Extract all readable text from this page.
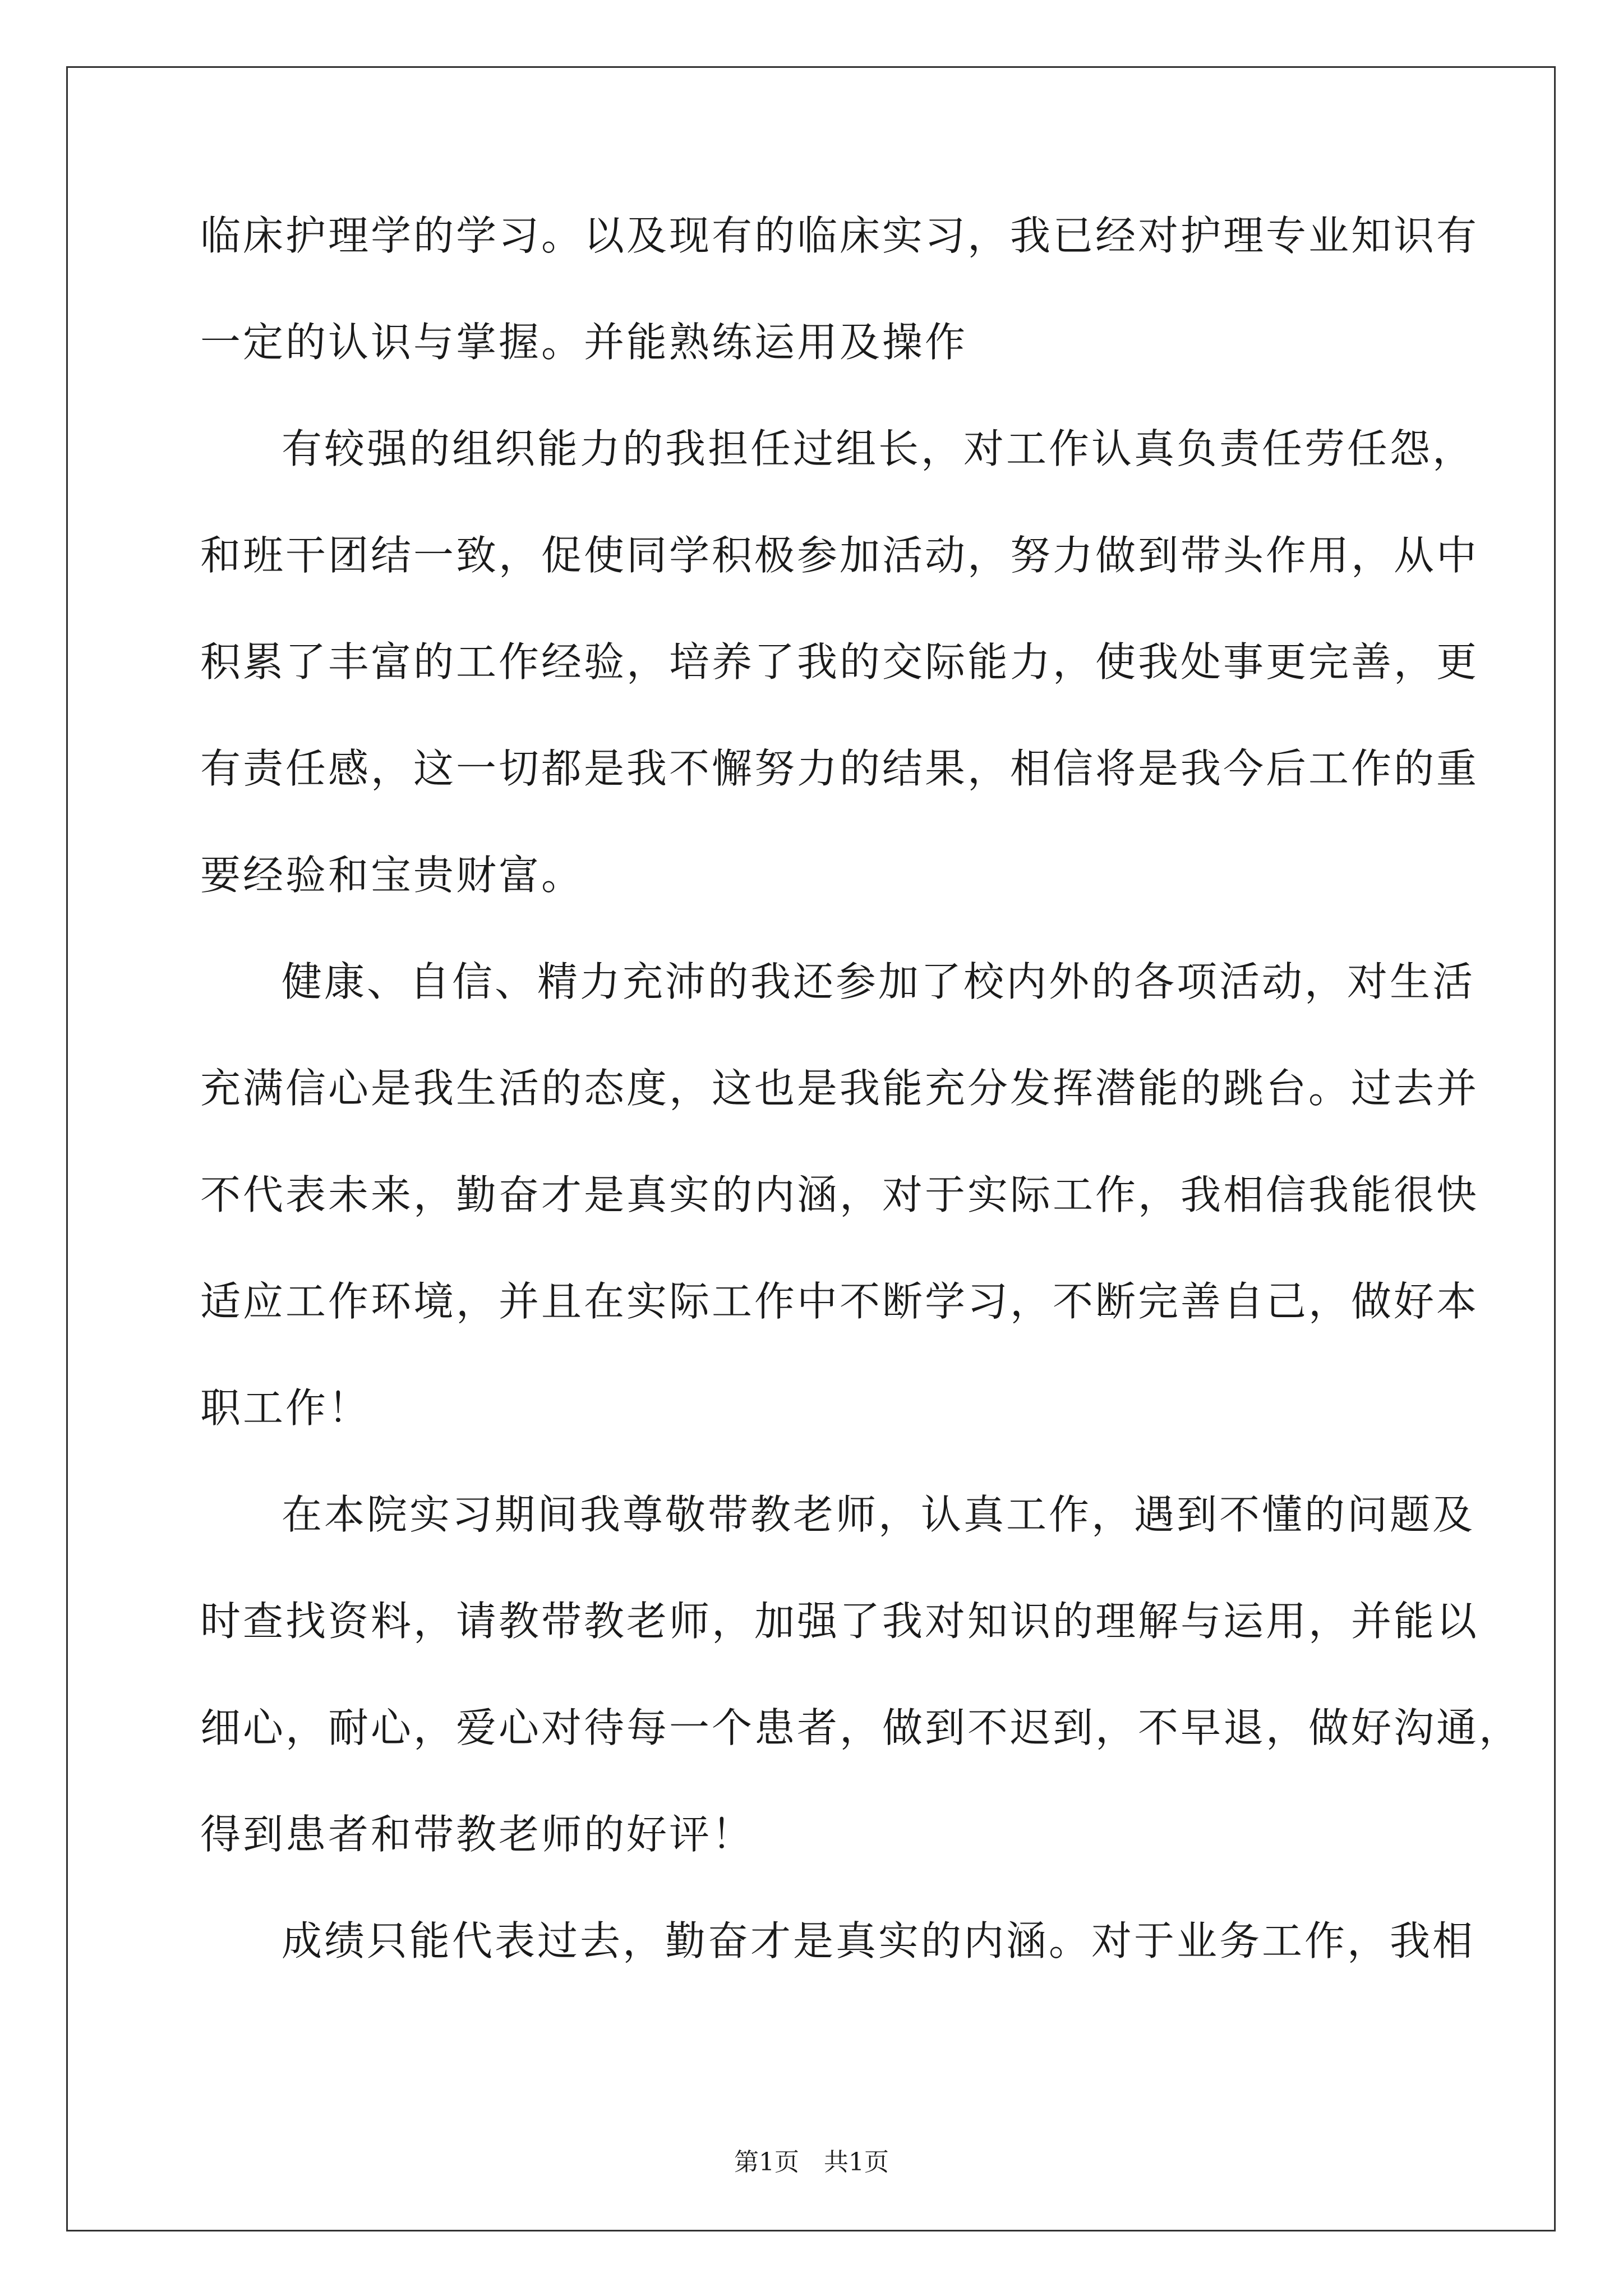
临床护理学的学习。以及现有的临床实习，我已经对护理专业知识有
一定的认识与掌握。并能熟练运用及操作
有较强的组织能力的我担任过组长，对工作认真负责任劳任怨，
和班干团结一致，促使同学积极参加活动，努力做到带头作用，从中
积累了丰富的工作经验，培养了我的交际能力，使我处事更完善，更
有责任感，这一切都是我不懈努力的结果，相信将是我今后工作的重
要经验和宝贵财富。
健康、自信、精力充沛的我还参加了校内外的各项活动，对生活
充满信心是我生活的态度，这也是我能充分发挥潜能的跳台。过去并
不代表未来，勤奋才是真实的内涵，对于实际工作，我相信我能很快
适应工作环境，并且在实际工作中不断学习，不断完善自己，做好本
职工作！
在本院实习期间我尊敬带教老师，认真工作，遇到不懂的问题及
时查找资料，请教带教老师，加强了我对知识的理解与运用，并能以
细心，耐心，爱心对待每一个患者，做到不迟到，不早退，做好沟通，
得到患者和带教老师的好评！
成绩只能代表过去，勤奋才是真实的内涵。对于业务工作，我相
第1页　共1页
